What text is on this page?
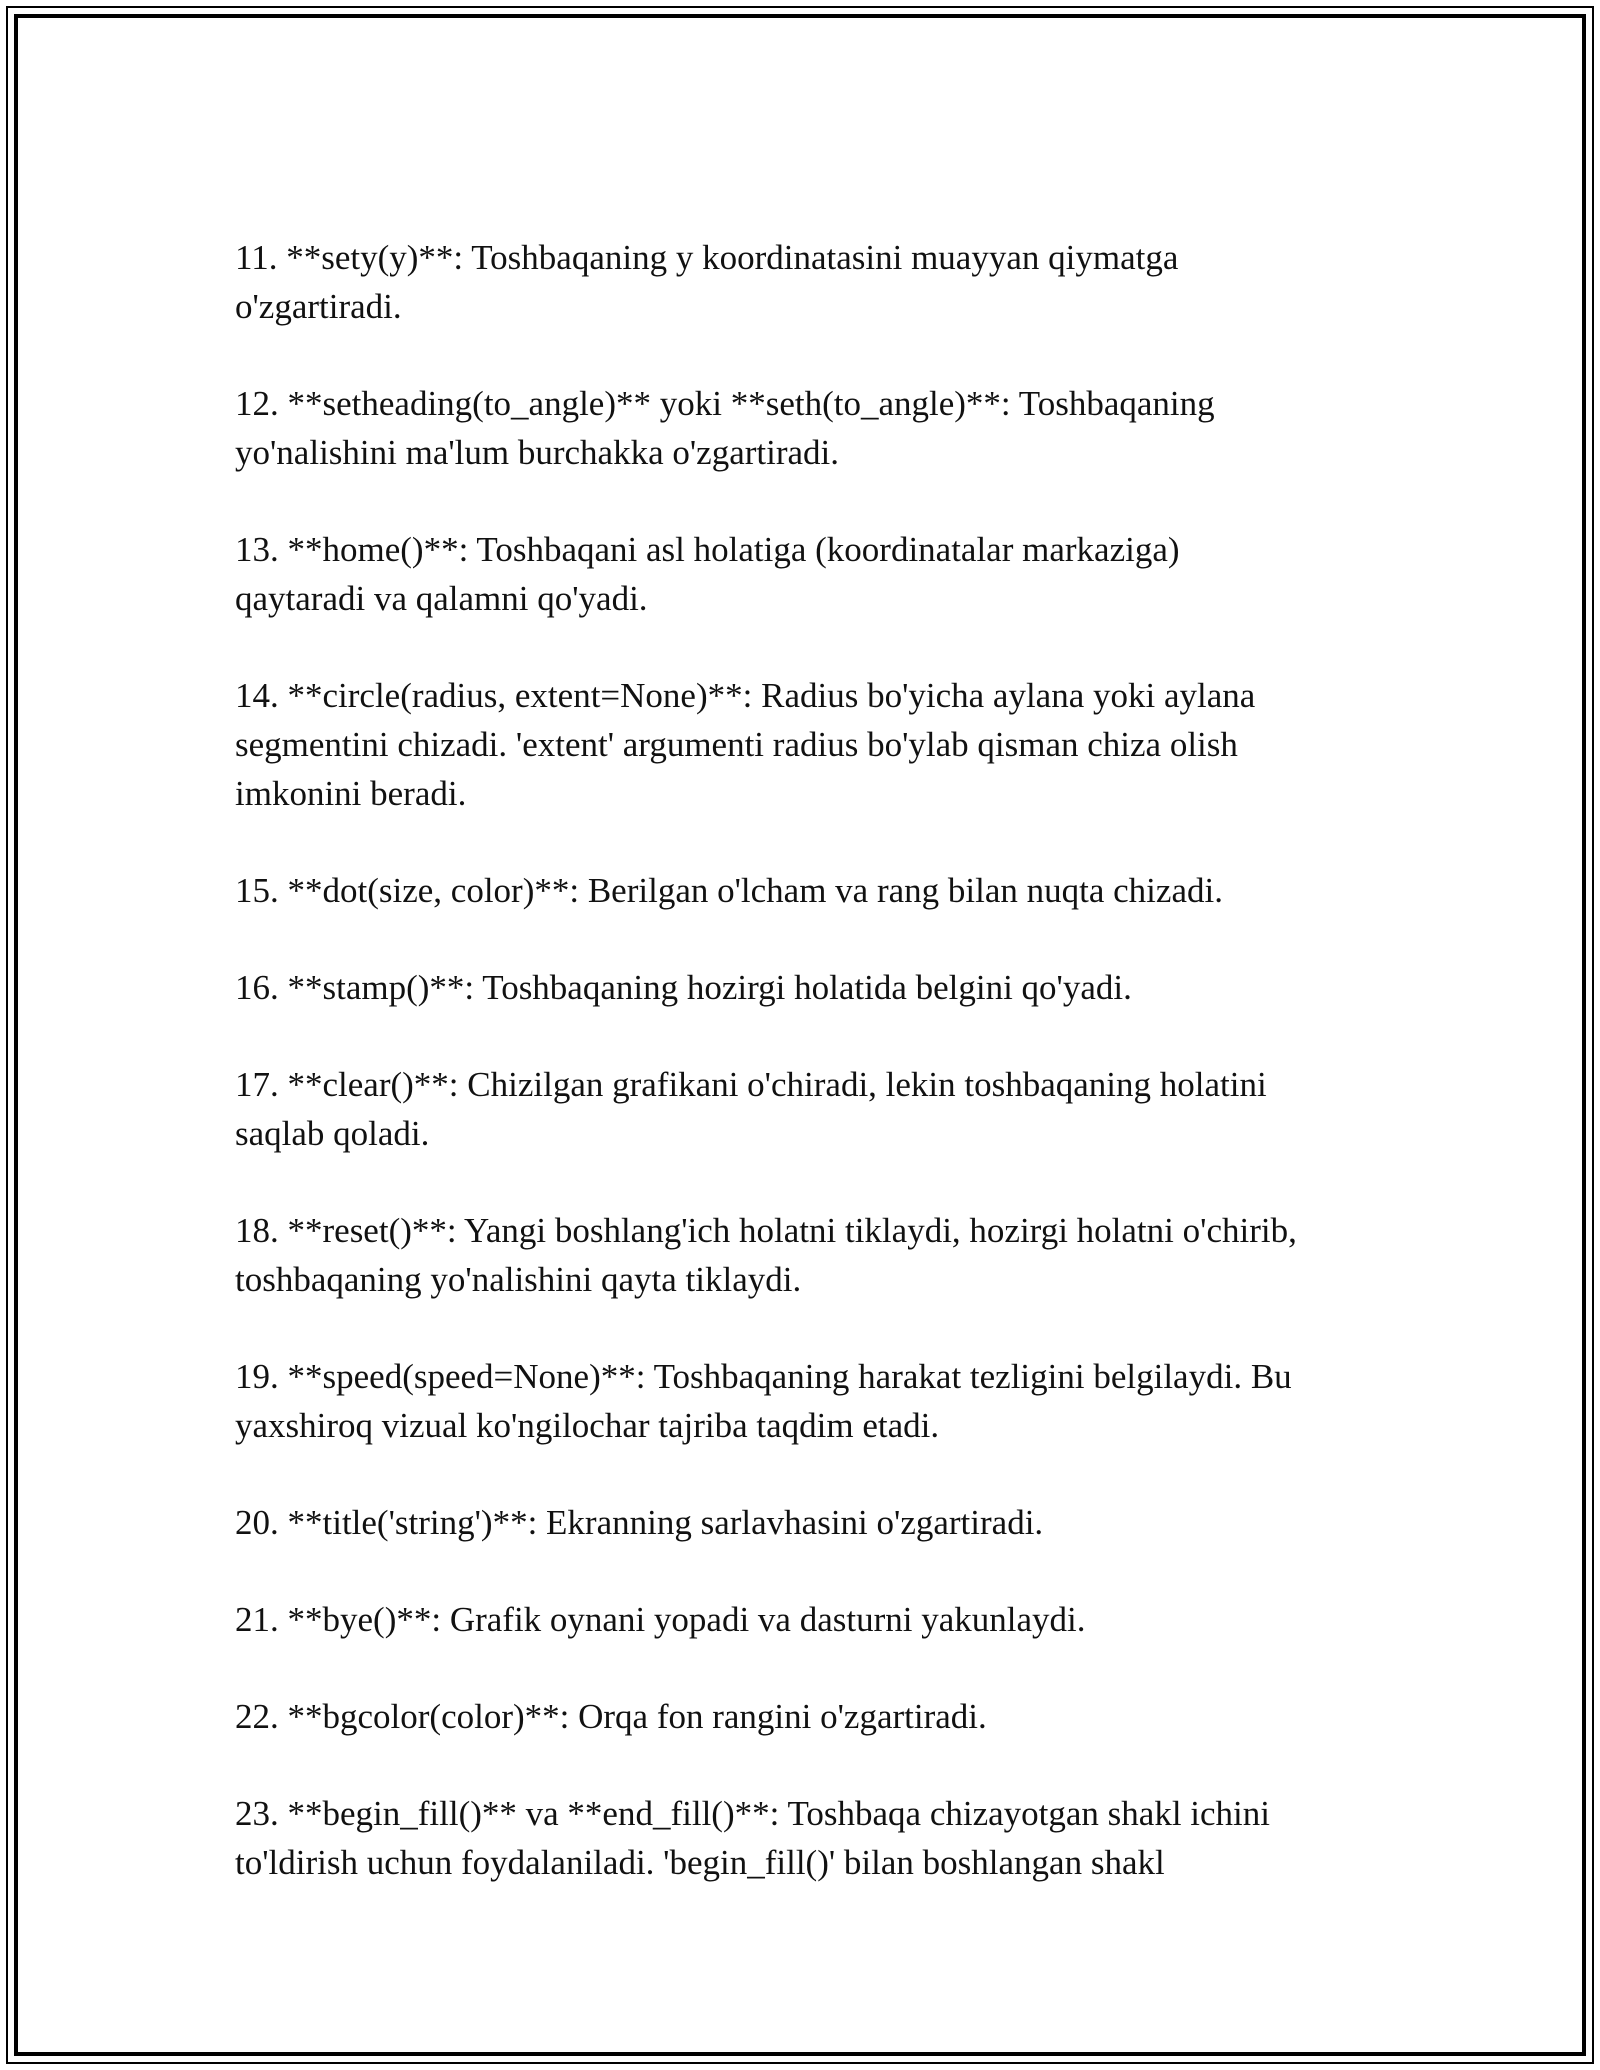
11. **sety(y)**: Toshbaqaning y koordinatasini muayyan qiymatga
o'zgartiradi.

12. **setheading(to_angle)** yoki **seth(to_angle)**: Toshbaqaning
yo'nalishini ma'lum burchakka o'zgartiradi.

13. **home()**: Toshbaqani asl holatiga (koordinatalar markaziga)
qaytaradi va qalamni qo'yadi.

14. **circle(radius, extent=None)**: Radius bo'yicha aylana yoki aylana
segmentini chizadi. 'extent' argumenti radius bo'ylab qisman chiza olish
imkonini beradi.

15. **dot(size, color)**: Berilgan o'lcham va rang bilan nuqta chizadi.

16. **stamp()**: Toshbaqaning hozirgi holatida belgini qo'yadi.

17. **clear()**: Chizilgan grafikani o'chiradi, lekin toshbaqaning holatini
saqlab qoladi.

18. **reset()**: Yangi boshlang'ich holatni tiklaydi, hozirgi holatni o'chirib,
toshbaqaning yo'nalishini qayta tiklaydi.

19. **speed(speed=None)**: Toshbaqaning harakat tezligini belgilaydi. Bu
yaxshiroq vizual ko'ngilochar tajriba taqdim etadi.

20. **title('string')**: Ekranning sarlavhasini o'zgartiradi.

21. **bye()**: Grafik oynani yopadi va dasturni yakunlaydi.

22. **bgcolor(color)**: Orqa fon rangini o'zgartiradi.

23. **begin_fill()** va **end_fill()**: Toshbaqa chizayotgan shakl ichini
to'ldirish uchun foydalaniladi. 'begin_fill()' bilan boshlangan shakl
